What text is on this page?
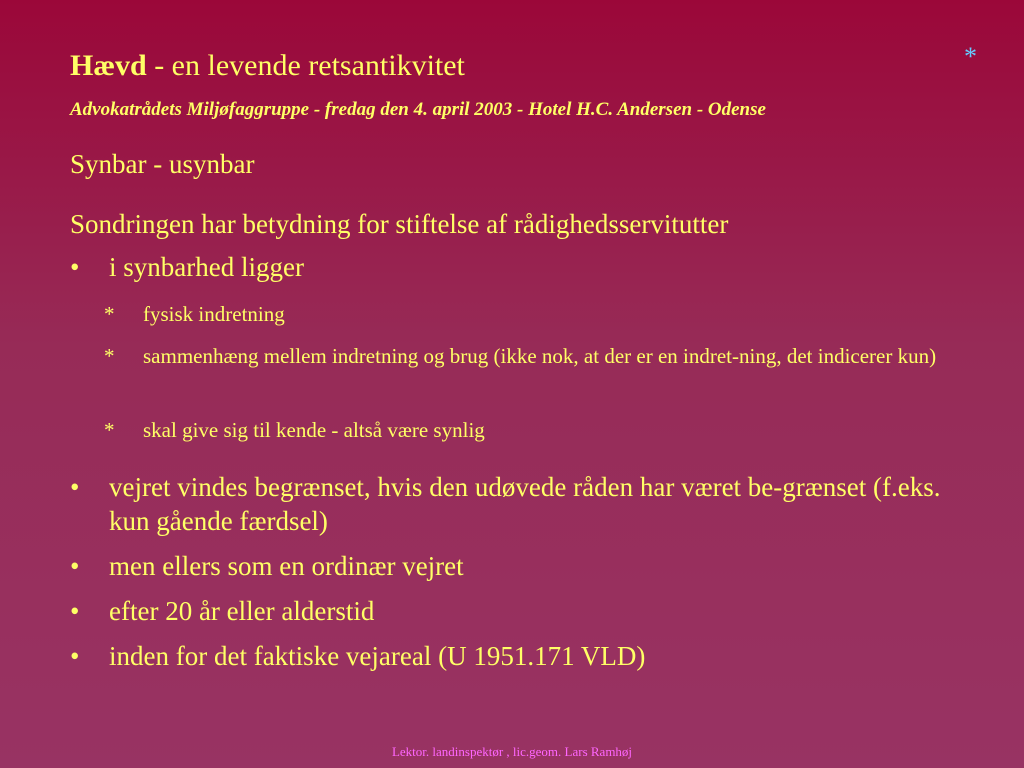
Hævd - en levende retsantikvitet	*
Advokatrådets Miljøfaggruppe - fredag den 4. april 2003 - Hotel H.C. Andersen - Odense
Synbar - usynbar
Sondringen har betydning for stiftelse af rådighedsservitutter
• i synbarhed ligger
* fysisk indretning
* sammenhæng mellem indretning og brug (ikke nok, at der er en indret-ning, det indicerer kun)
* skal give sig til kende - altså være synlig
• vejret vindes begrænset, hvis den udøvede råden har været be-grænset (f.eks. kun gående færdsel)
• men ellers som en ordinær vejret
• efter 20 år eller alderstid
• inden for det faktiske vejareal (U 1951.171 VLD)
Lektor. landinspektør , lic.geom. Lars Ramhøj
